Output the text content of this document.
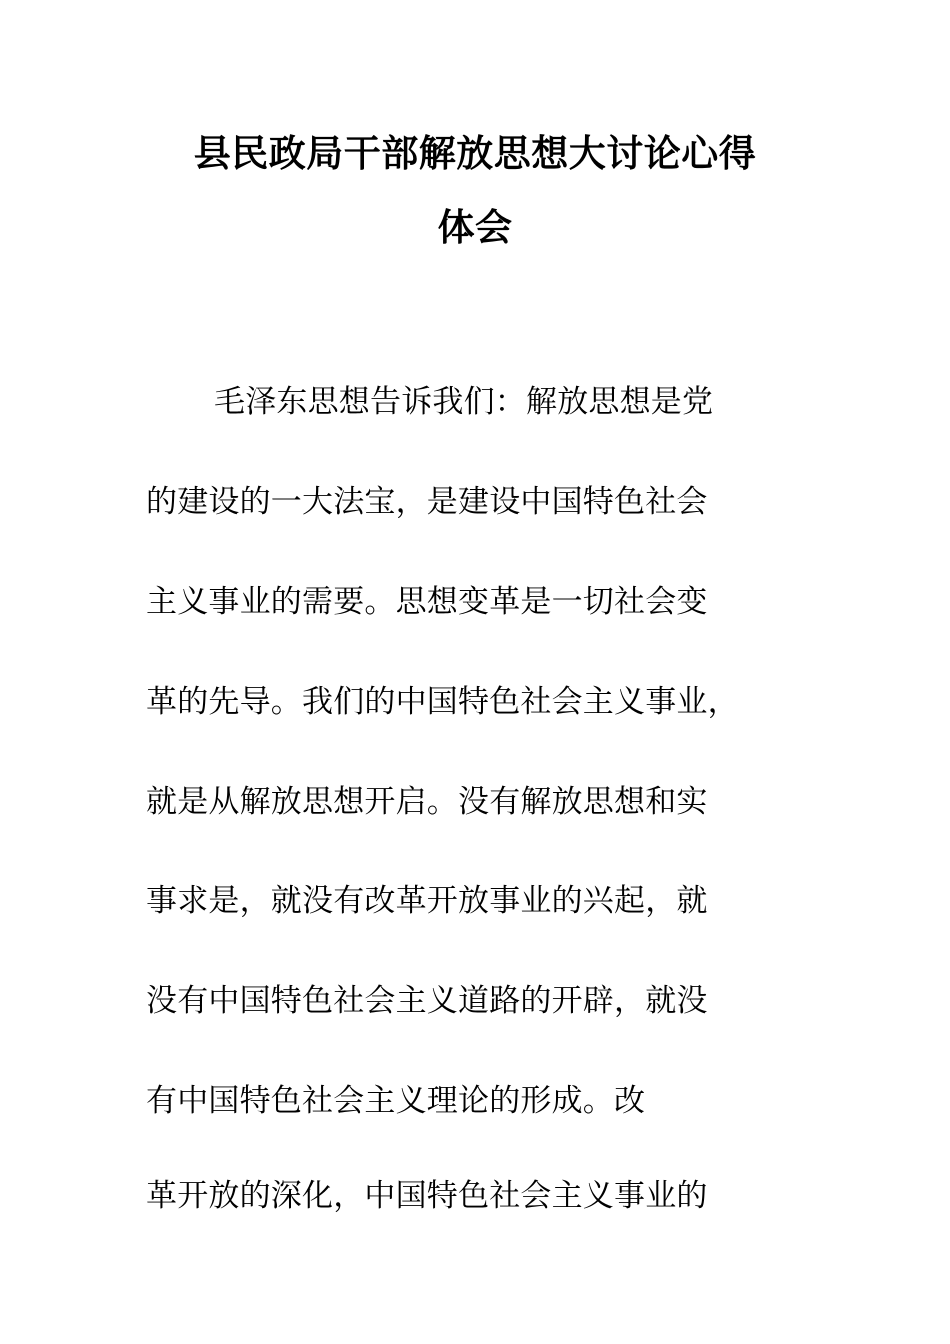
县民政局干部解放思想大讨论心得
体会
毛泽东思想告诉我们：解放思想是党
的建设的一大法宝，是建设中国特色社会
主义事业的需要。思想变革是一切社会变
革的先导。我们的中国特色社会主义事业，
就是从解放思想开启。没有解放思想和实
事求是，就没有改革开放事业的兴起，就
没有中国特色社会主义道路的开辟，就没
有中国特色社会主义理论的形成。改
革开放的深化，中国特色社会主义事业的
